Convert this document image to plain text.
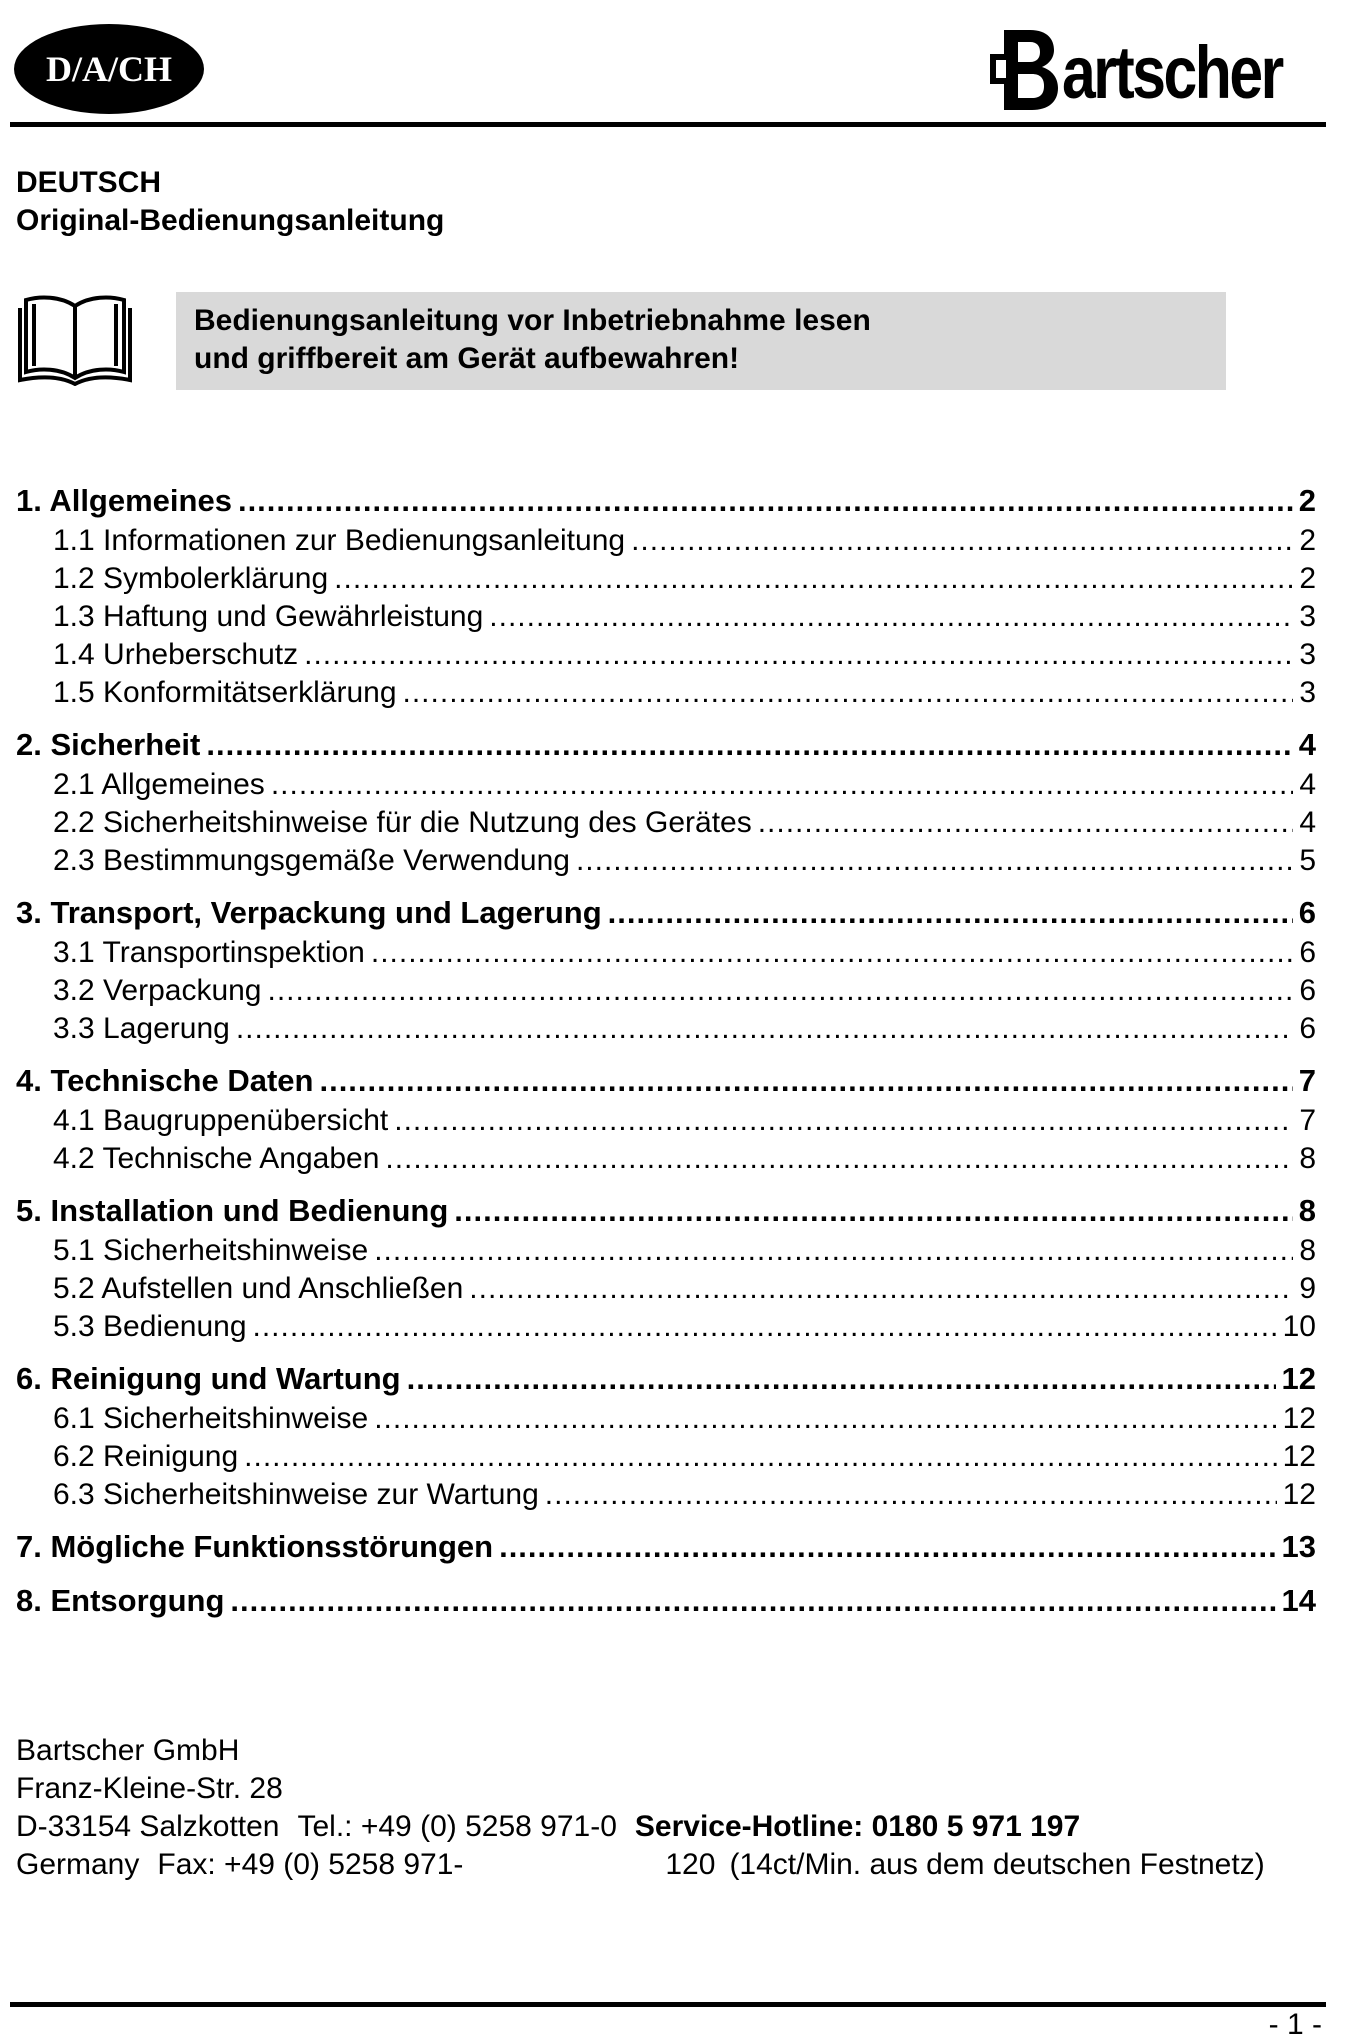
D/A/CH	artscher
DEUTSCH
Original-Bedienungsanleitung
Bedienungsanleitung vor Inbetriebnahme lesen
und griffbereit am Gerät aufbewahren!
1. Allgemeines .....	2
1.1 Informationen zur Bedienungsanleitung .....	2
1.2 Symbolerklärung .....	2
1.3 Haftung und Gewährleistung .....	3
1.4 Urheberschutz .....	3
1.5 Konformitätserklärung .....	3
2. Sicherheit .....	4
2.1 Allgemeines .....	4
2.2 Sicherheitshinweise für die Nutzung des Gerätes .....	4
2.3 Bestimmungsgemäße Verwendung .....	5
3. Transport, Verpackung und Lagerung .....	6
3.1 Transportinspektion .....	6
3.2 Verpackung .....	6
3.3 Lagerung .....	6
4. Technische Daten .....	7
4.1 Baugruppenübersicht .....	7
4.2 Technische Angaben .....	8
5. Installation und Bedienung .....	8
5.1 Sicherheitshinweise .....	8
5.2 Aufstellen und Anschließen .....	9
5.3 Bedienung .....	10
6. Reinigung und Wartung .....	12
6.1 Sicherheitshinweise .....	12
6.2 Reinigung .....	12
6.3 Sicherheitshinweise zur Wartung .....	12
7. Mögliche Funktionsstörungen .....	13
8. Entsorgung .....	14
Bartscher GmbH
Franz-Kleine-Str. 28
D-33154 Salzkotten Tel.: +49 (0) 5258 971-0 Service-Hotline: 0180 5 971 197
Germany Fax: +49 (0) 5258 971-	120 (14ct/Min. aus dem deutschen Festnetz)
- 1 -
